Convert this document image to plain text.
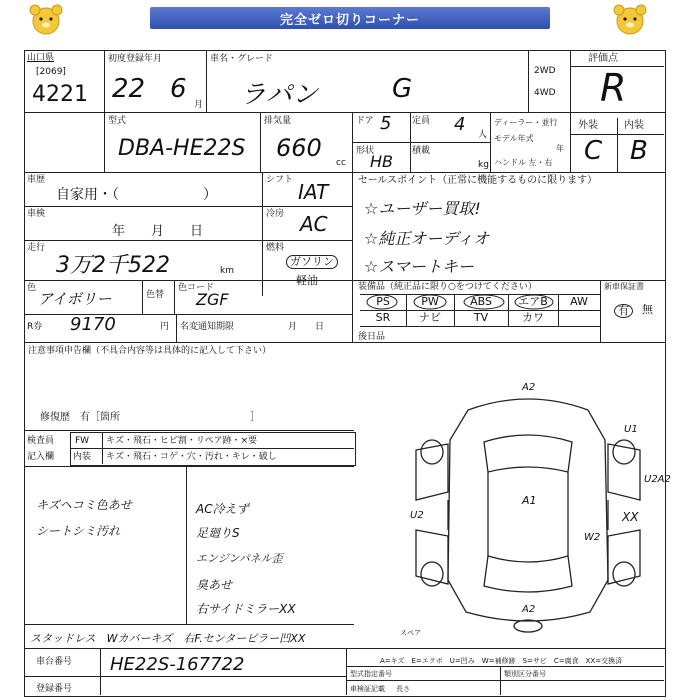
完全ゼロ切りコーナー
山口県
[2069]
4221
初度登録年月
22 6
月
車名・グレード
ラパン	G
2WD
4WD
評価点
R
型式
DBA-HE22S
排気量
660
cc
ドア 5 定員 4 人
形状
HB
積載
kg
ディーラー・並行
モデル年式
年
ハンドル 左・右
外装	内装
C B
車歴
自家用・（　　　　　　）
車検
年　　月　　日
走行
3万2千522	km
色
アイボリー	色替
色コード
ZGF
R券 9170	円 名変通知期限	月　　日
シフト IAT
冷房 AC
燃料
ガソリン
軽油
セールスポイント（正常に機能するものに限ります）
☆ユーザー買取!
☆純正オーディオ
☆スマートキー
装備品（純正品に限り○をつけてください）	新車保証書
PS	PW	ABS	エアB	AW
SR	ナビ	TV	カワ
有	無
後日品
注意事項申告欄（不具合内容等は具体的に記入して下さい）
修復歴　有［箇所　　　　　　　　　　　　　］
検査員
記入欄
FW キズ・飛石・ヒビ割・リペア跡・×要
内装 キズ・飛石・コゲ・穴・汚れ・キレ・破し
キズヘコミ色あせ
シートシミ汚れ
AC冷えず
足廻りS
エンジンパネル歪
臭あせ
右サイドミラーXX
スタッドレス　Wカバーキズ　右F.センターピラー凹XX
A2
U1
U2A2
XX
U2
A1
W2
A2
スペア
車台番号 HE22S-167722
登録番号
A=キズ　E=エクボ　U=凹み　W=補修跡　S=サビ　C=腐食　XX=交換済
型式指定番号	類別区分番号
車検証記載 長さ
